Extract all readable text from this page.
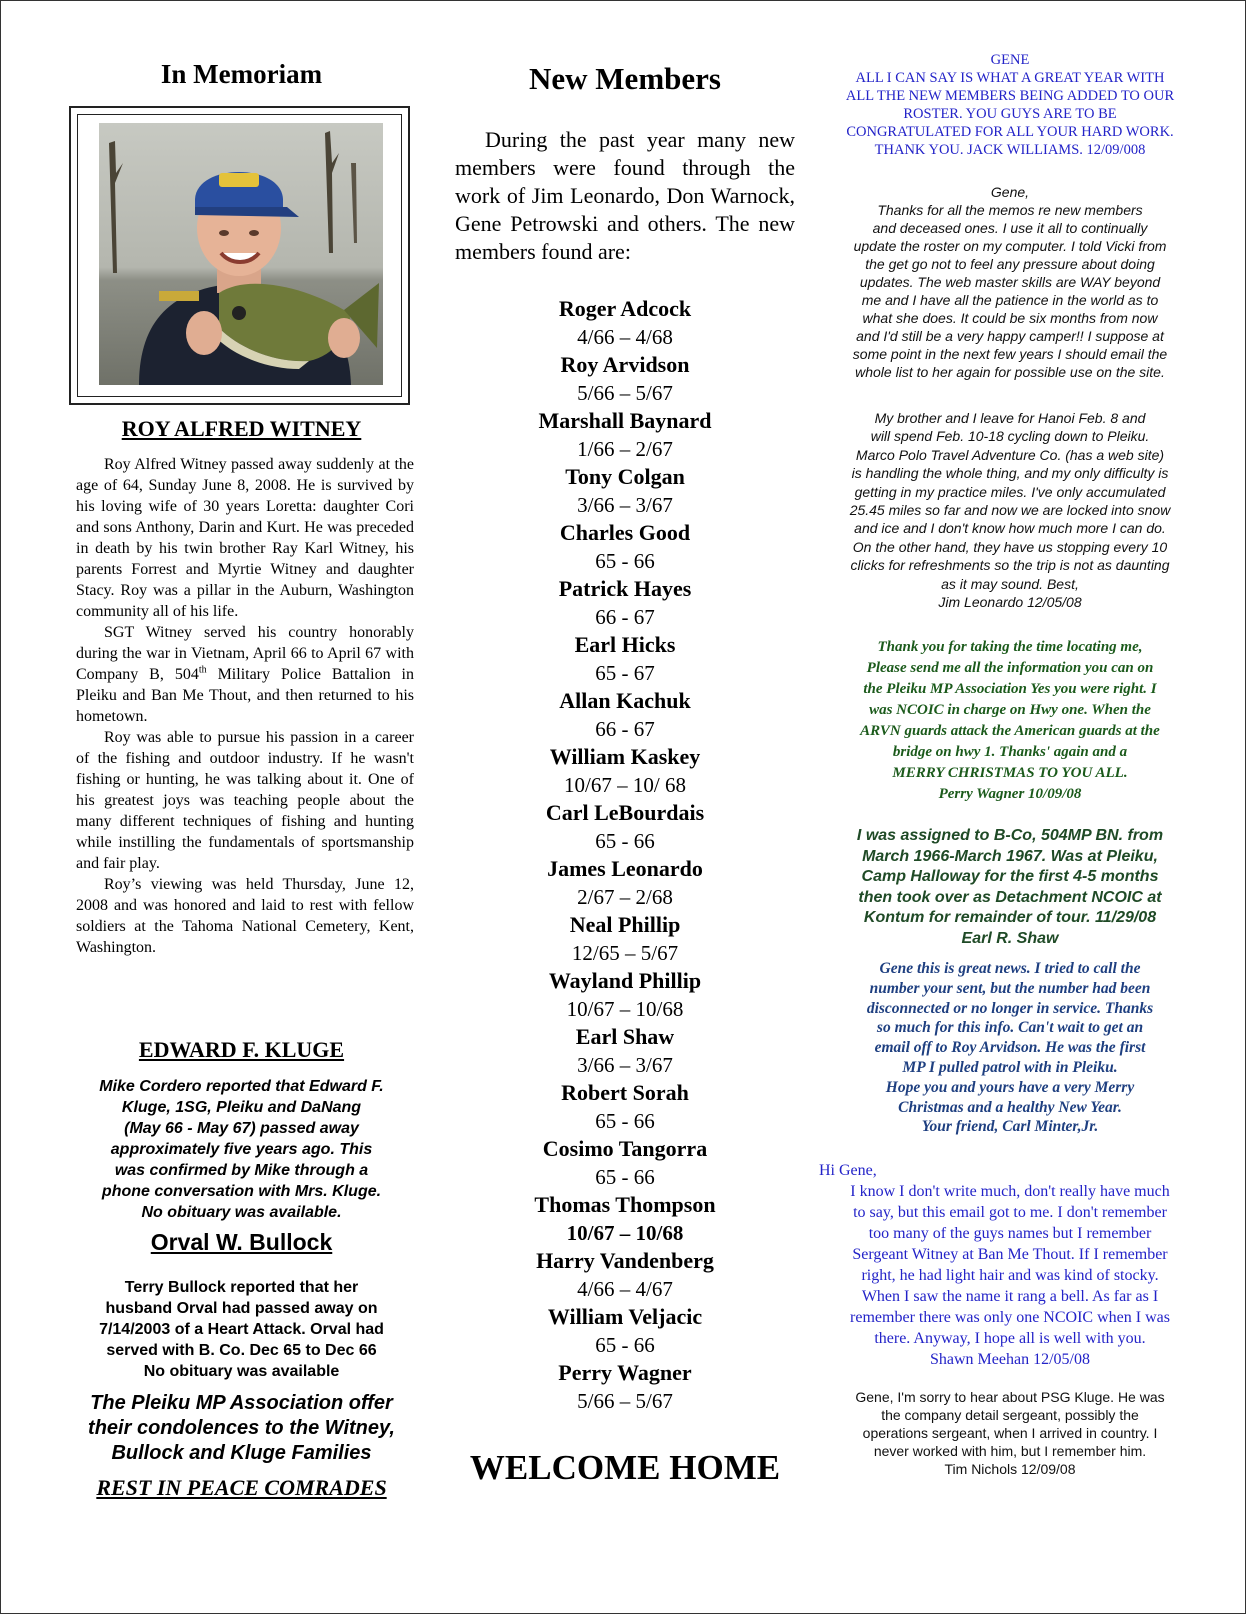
In Memoriam
ROY ALFRED WITNEY

Roy Alfred Witney passed away suddenly at the age of 64, Sunday June 8, 2008. He is survived by his loving wife of 30 years Loretta: daughter Cori and sons Anthony, Darin and Kurt. He was preceded in death by his twin brother Ray Karl Witney, his parents Forrest and Myrtie Witney and daughter Stacy. Roy was a pillar in the Auburn, Washington community all of his life.

SGT Witney served his country honorably during the war in Vietnam, April 66 to April 67 with Company B, 504th Military Police Battalion in Pleiku and Ban Me Thout, and then returned to his hometown.

Roy was able to pursue his passion in a career of the fishing and outdoor industry. If he wasn't fishing or hunting, he was talking about it. One of his greatest joys was teaching people about the many different techniques of fishing and hunting while instilling the fundamentals of sportsmanship and fair play.

Roy’s viewing was held Thursday, June 12, 2008 and was honored and laid to rest with fellow soldiers at the Tahoma National Cemetery, Kent, Washington.

EDWARD F. KLUGE
Mike Cordero reported that Edward F.
Kluge, 1SG, Pleiku and DaNang
(May 66 - May 67) passed away
approximately five years ago. This
was confirmed by Mike through a
phone conversation with Mrs. Kluge.
No obituary was available.
Orval W. Bullock
Terry Bullock reported that her
husband Orval had passed away on
7/14/2003 of a Heart Attack. Orval had
served with B. Co. Dec 65 to Dec 66
No obituary was available
The Pleiku MP Association offer
their condolences to the Witney,
Bullock and Kluge Families
REST IN PEACE COMRADES
New Members
During the past year many new members were found through the work of Jim Leonardo, Don Warnock, Gene Petrowski and others. The new members found are:
Roger Adcock
4/66 – 4/68
Roy Arvidson
5/66 – 5/67
Marshall Baynard
1/66 – 2/67
Tony Colgan
3/66 – 3/67
Charles Good
65 - 66
Patrick Hayes
66 - 67
Earl Hicks
65 - 67
Allan Kachuk
66 - 67
William Kaskey
10/67 – 10/ 68
Carl LeBourdais
65 - 66
James Leonardo
2/67 – 2/68
Neal Phillip
12/65 – 5/67
Wayland Phillip
10/67 – 10/68
Earl Shaw
3/66 – 3/67
Robert Sorah
65 - 66
Cosimo Tangorra
65 - 66
Thomas Thompson
10/67 – 10/68
Harry Vandenberg
4/66 – 4/67
William Veljacic
65 - 66
Perry Wagner
5/66 – 5/67
WELCOME HOME
GENE
ALL I CAN SAY IS WHAT A GREAT YEAR WITH
ALL THE NEW MEMBERS BEING ADDED TO OUR
ROSTER. YOU GUYS ARE TO BE
CONGRATULATED FOR ALL YOUR HARD WORK.
THANK YOU. JACK WILLIAMS. 12/09/008
Gene,
Thanks for all the memos re new members
and deceased ones. I use it all to continually
update the roster on my computer. I told Vicki from
the get go not to feel any pressure about doing
updates. The web master skills are WAY beyond
me and I have all the patience in the world as to
what she does. It could be six months from now
and I'd still be a very happy camper!! I suppose at
some point in the next few years I should email the
whole list to her again for possible use on the site.
My brother and I leave for Hanoi Feb. 8 and
will spend Feb. 10-18 cycling down to Pleiku.
Marco Polo Travel Adventure Co. (has a web site)
is handling the whole thing, and my only difficulty is
getting in my practice miles. I've only accumulated
25.45 miles so far and now we are locked into snow
and ice and I don't know how much more I can do.
On the other hand, they have us stopping every 10
clicks for refreshments so the trip is not as daunting
as it may sound. Best,
Jim Leonardo 12/05/08
Thank you for taking the time locating me,
Please send me all the information you can on
the Pleiku MP Association Yes you were right. I
was NCOIC in charge on Hwy one. When the
ARVN guards attack the American guards at the
bridge on hwy 1. Thanks' again and a
MERRY CHRISTMAS TO YOU ALL.
Perry Wagner 10/09/08
I was assigned to B-Co, 504MP BN. from
March 1966-March 1967. Was at Pleiku,
Camp Halloway for the first 4-5 months
then took over as Detachment NCOIC at
Kontum for remainder of tour. 11/29/08
Earl R. Shaw
Gene this is great news. I tried to call the
number your sent, but the number had been
disconnected or no longer in service. Thanks
so much for this info. Can't wait to get an
email off to Roy Arvidson. He was the first
MP I pulled patrol with in Pleiku.
Hope you and yours have a very Merry
Christmas and a healthy New Year.
Your friend, Carl Minter,Jr.
Hi Gene,
I know I don't write much, don't really have much
to say, but this email got to me. I don't remember
too many of the guys names but I remember
Sergeant Witney at Ban Me Thout. If I remember
right, he had light hair and was kind of stocky.
When I saw the name it rang a bell. As far as I
remember there was only one NCOIC when I was
there. Anyway, I hope all is well with you.
Shawn Meehan 12/05/08
Gene, I'm sorry to hear about PSG Kluge. He was
the company detail sergeant, possibly the
operations sergeant, when I arrived in country. I
never worked with him, but I remember him.
Tim Nichols 12/09/08
